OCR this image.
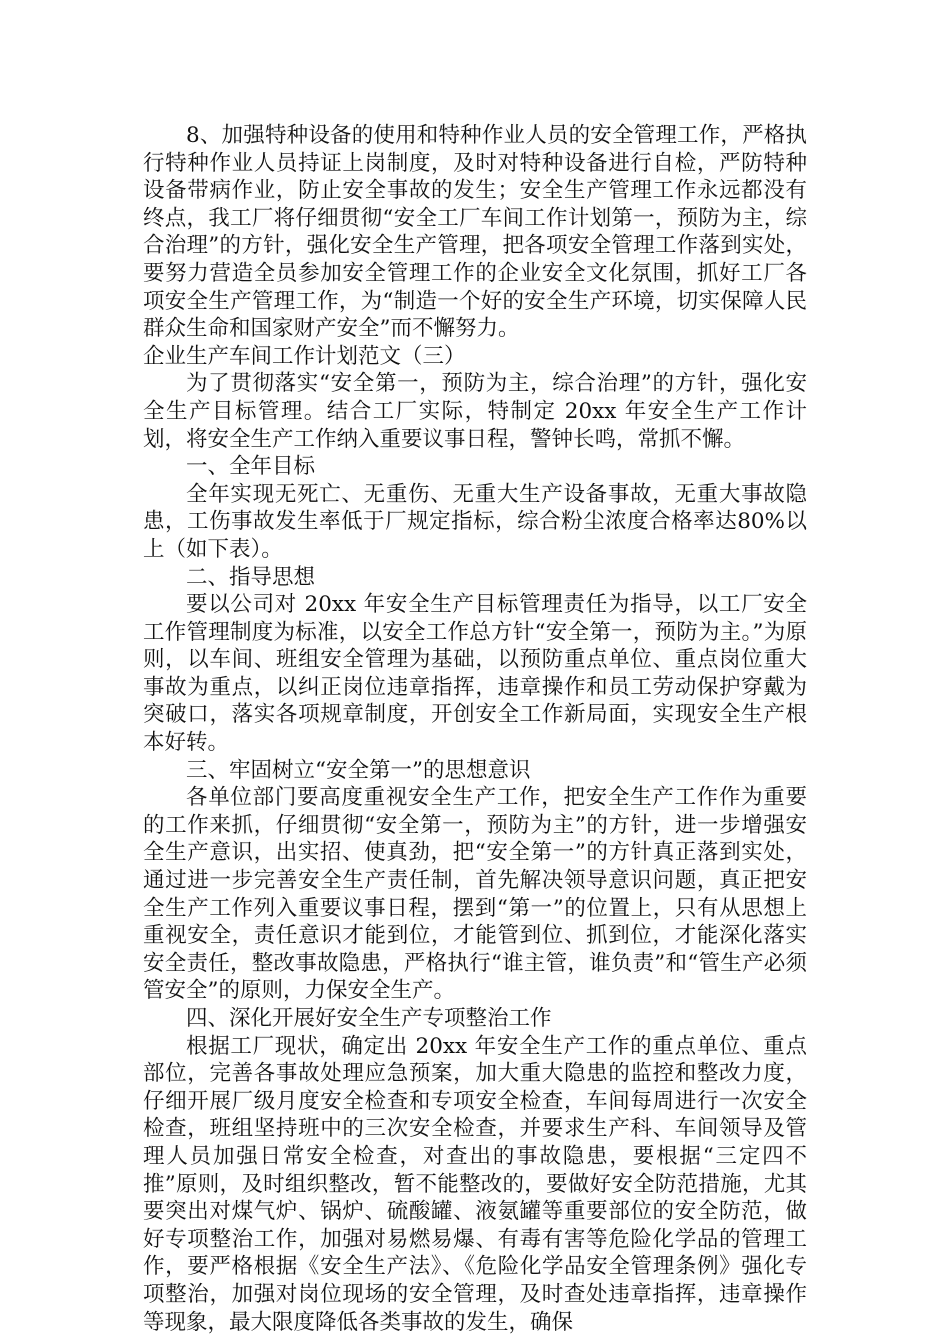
8、加强特种设备的使用和特种作业人员的安全管理工作，严格执行特种作业人员持证上岗制度，及时对特种设备进行自检，严防特种设备带病作业，防止安全事故的发生；安全生产管理工作永远都没有终点，我工厂将仔细贯彻“安全工厂车间工作计划第一，预防为主，综合治理”的方针，强化安全生产管理，把各项安全管理工作落到实处，要努力营造全员参加安全管理工作的企业安全文化氛围，抓好工厂各项安全生产管理工作，为“制造一个好的安全生产环境，切实保障人民群众生命和国家财产安全”而不懈努力。

企业生产车间工作计划范文（三）

为了贯彻落实“安全第一，预防为主，综合治理”的方针，强化安全生产目标管理。结合工厂实际，特制定 20xx 年安全生产工作计划，将安全生产工作纳入重要议事日程，警钟长鸣，常抓不懈。

一、全年目标

全年实现无死亡、无重伤、无重大生产设备事故，无重大事故隐患，工伤事故发生率低于厂规定指标，综合粉尘浓度合格率达80%以上（如下表）。

二、指导思想

要以公司对 20xx 年安全生产目标管理责任为指导，以工厂安全工作管理制度为标准，以安全工作总方针“安全第一，预防为主。”为原则，以车间、班组安全管理为基础，以预防重点单位、重点岗位重大事故为重点，以纠正岗位违章指挥，违章操作和员工劳动保护穿戴为突破口，落实各项规章制度，开创安全工作新局面，实现安全生产根本好转。

三、牢固树立“安全第一”的思想意识

各单位部门要高度重视安全生产工作，把安全生产工作作为重要的工作来抓，仔细贯彻“安全第一，预防为主”的方针，进一步增强安全生产意识，出实招、使真劲，把“安全第一”的方针真正落到实处，通过进一步完善安全生产责任制，首先解决领导意识问题，真正把安全生产工作列入重要议事日程，摆到“第一”的位置上，只有从思想上重视安全，责任意识才能到位，才能管到位、抓到位，才能深化落实安全责任，整改事故隐患，严格执行“谁主管，谁负责”和“管生产必须管安全”的原则，力保安全生产。

四、深化开展好安全生产专项整治工作

根据工厂现状，确定出 20xx 年安全生产工作的重点单位、重点部位，完善各事故处理应急预案，加大重大隐患的监控和整改力度，仔细开展厂级月度安全检查和专项安全检查，车间每周进行一次安全检查，班组坚持班中的三次安全检查，并要求生产科、车间领导及管理人员加强日常安全检查，对查出的事故隐患，要根据“三定四不推”原则，及时组织整改，暂不能整改的，要做好安全防范措施，尤其要突出对煤气炉、锅炉、硫酸罐、液氨罐等重要部位的安全防范，做好专项整治工作，加强对易燃易爆、有毒有害等危险化学品的管理工作，要严格根据《安全生产法》、《危险化学品安全管理条例》强化专项整治，加强对岗位现场的安全管理，及时查处违章指挥，违章操作等现象，最大限度降低各类事故的发生，确保
